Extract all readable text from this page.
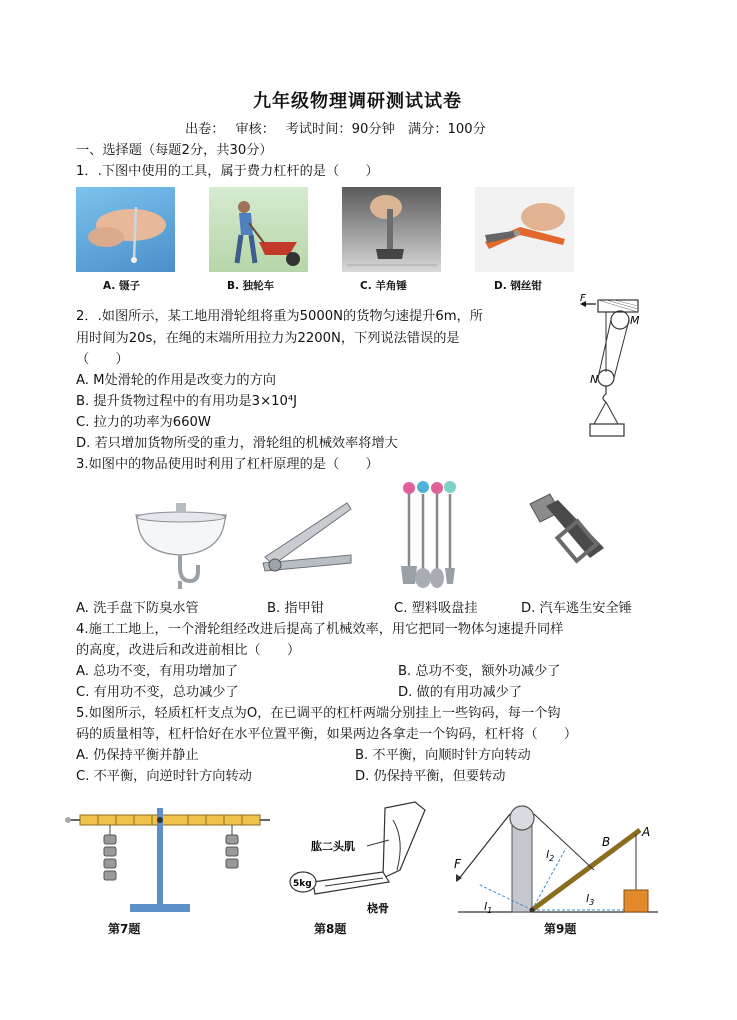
九年级物理调研测试试卷
出卷：　 审核：　 考试时间：90分钟　满分：100分
一、选择题（每题2分，共30分）
1．.下图中使用的工具，属于费力杠杆的是（　　）
A. 镊子	B. 独轮车	C. 羊角锤	D. 钢丝钳
2．.如图所示，某工地用滑轮组将重为5000N的货物匀速提升6m，所
用时间为20s，在绳的末端所用拉力为2200N，下列说法错误的是
（　　）
A. M处滑轮的作用是改变力的方向
B. 提升货物过程中的有用功是3×10⁴J
C. 拉力的功率为660W
D. 若只增加货物所受的重力，滑轮组的机械效率将增大
F
M
N
3.如图中的物品使用时利用了杠杆原理的是（　　）
A. 洗手盘下防臭水管	B. 指甲钳	C. 塑料吸盘挂	D. 汽车逃生安全锤
4.施工工地上，一个滑轮组经改进后提高了机械效率，用它把同一物体匀速提升同样
的高度，改进后和改进前相比（　　）
A. 总功不变，有用功增加了	B. 总功不变，额外功减少了
C. 有用功不变，总功减少了	D. 做的有用功减少了
5.如图所示，轻质杠杆支点为O，在已调平的杠杆两端分别挂上一些钩码，每一个钩
码的质量相等，杠杆恰好在水平位置平衡，如果两边各拿走一个钩码，杠杆将（　　）
A. 仍保持平衡并静止	B. 不平衡，向顺时针方向转动
C. 不平衡，向逆时针方向转动	D. 仍保持平衡，但要转动
5kg
肱二头肌
桡骨
F
$l_1$
$l_2$
$l_3$
B
A
第7题	第8题	第9题
